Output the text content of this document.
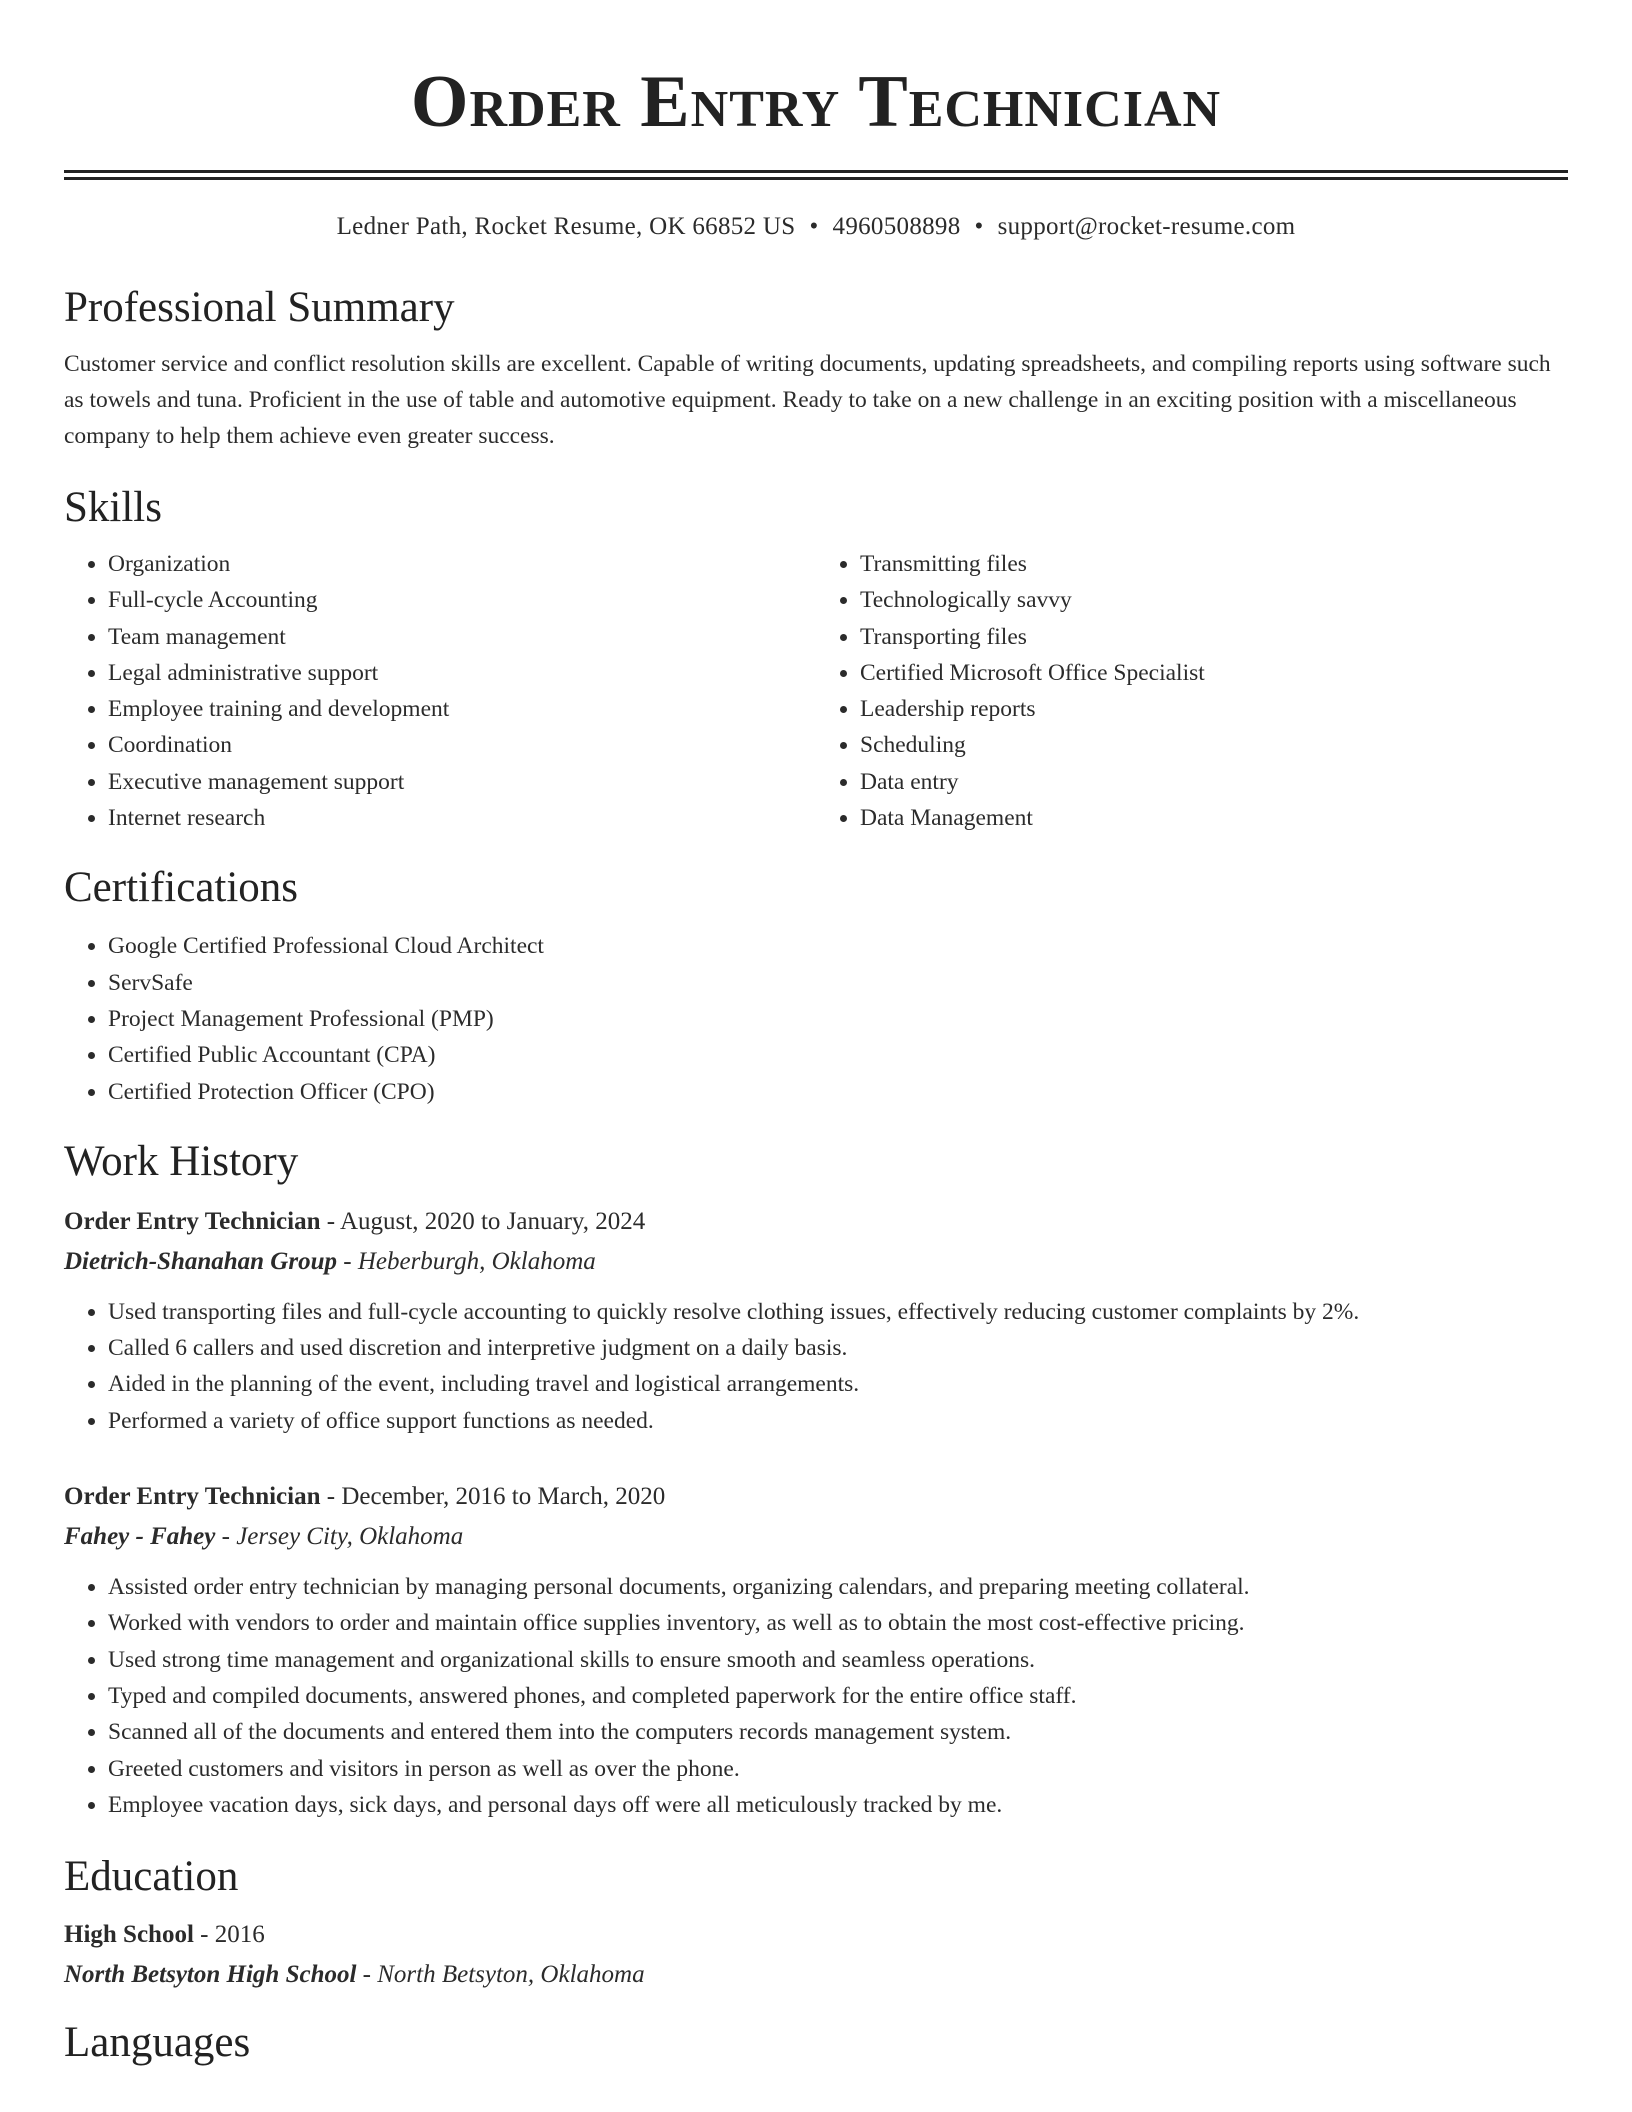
Order Entry Technician
Ledner Path, Rocket Resume, OK 66852 US • 4960508898 • support@rocket-resume.com
Professional Summary

Customer service and conflict resolution skills are excellent. Capable of writing documents, updating spreadsheets, and compiling reports using software such as towels and tuna. Proficient in the use of table and automotive equipment. Ready to take on a new challenge in an exciting position with a miscellaneous company to help them achieve even greater success.

Skills
• Organization
• Full-cycle Accounting
• Team management
• Legal administrative support
• Employee training and development
• Coordination
• Executive management support
• Internet research
• Transmitting files
• Technologically savvy
• Transporting files
• Certified Microsoft Office Specialist
• Leadership reports
• Scheduling
• Data entry
• Data Management
Certifications
• Google Certified Professional Cloud Architect
• ServSafe
• Project Management Professional (PMP)
• Certified Public Accountant (CPA)
• Certified Protection Officer (CPO)
Work History
Order Entry Technician - August, 2020 to January, 2024
Dietrich-Shanahan Group - Heberburgh, Oklahoma
• Used transporting files and full-cycle accounting to quickly resolve clothing issues, effectively reducing customer complaints by 2%.
• Called 6 callers and used discretion and interpretive judgment on a daily basis.
• Aided in the planning of the event, including travel and logistical arrangements.
• Performed a variety of office support functions as needed.
Order Entry Technician - December, 2016 to March, 2020
Fahey - Fahey - Jersey City, Oklahoma
• Assisted order entry technician by managing personal documents, organizing calendars, and preparing meeting collateral.
• Worked with vendors to order and maintain office supplies inventory, as well as to obtain the most cost-effective pricing.
• Used strong time management and organizational skills to ensure smooth and seamless operations.
• Typed and compiled documents, answered phones, and completed paperwork for the entire office staff.
• Scanned all of the documents and entered them into the computers records management system.
• Greeted customers and visitors in person as well as over the phone.
• Employee vacation days, sick days, and personal days off were all meticulously tracked by me.
Education
High School - 2016
North Betsyton High School - North Betsyton, Oklahoma
Languages
